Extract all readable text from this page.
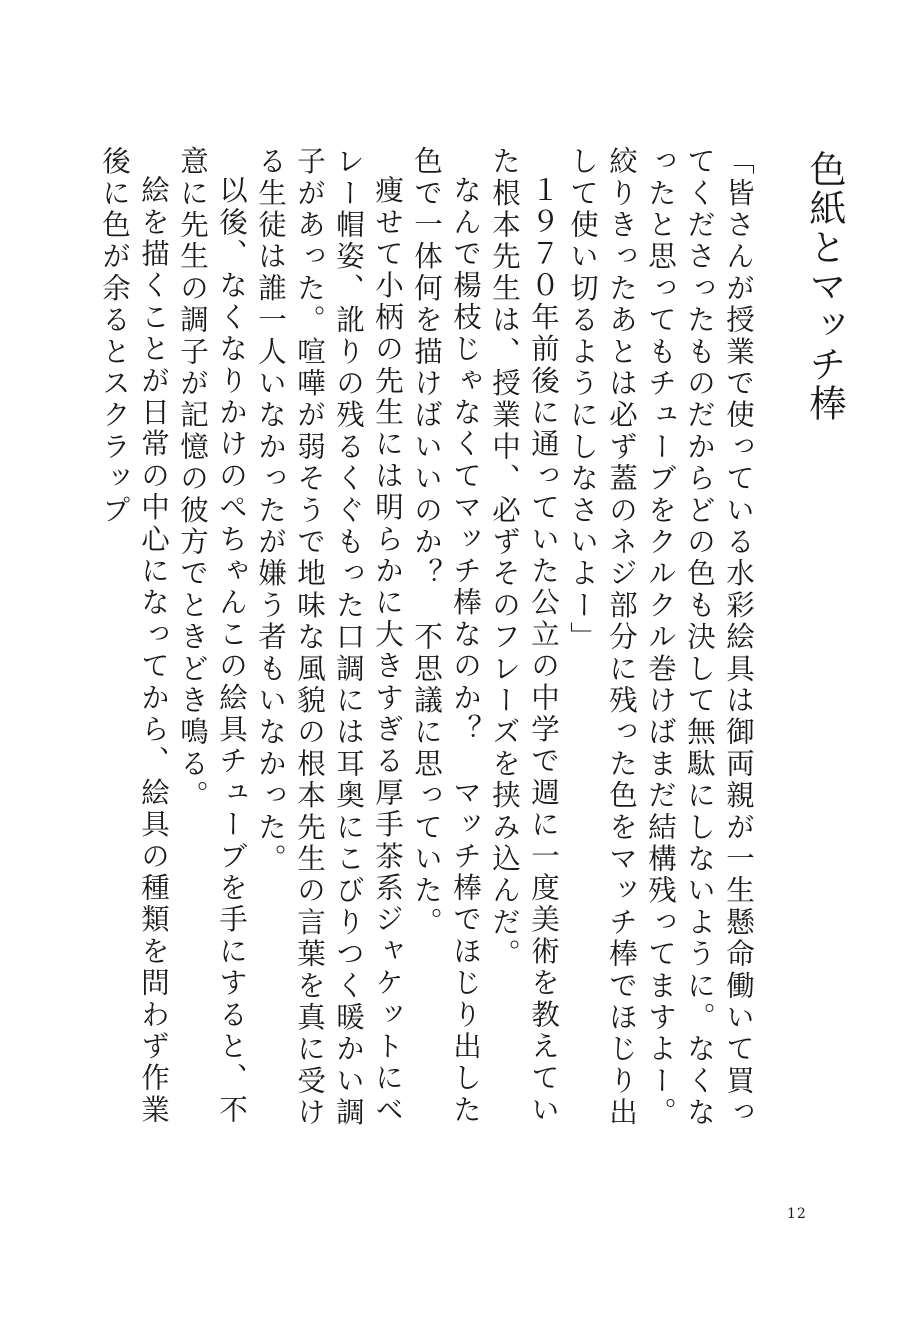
色紙とマッチ棒

「皆さんが授業で使っている水彩絵具は御両親が一生懸命働いて買ってくださったものだからどの色も決して無駄にしないように。なくなったと思ってもチューブをクルクル巻けばまだ結構残ってますよー。絞りきったあとは必ず蓋のネジ部分に残った色をマッチ棒でほじり出して使い切るようにしなさいよー」

１９７０年前後に通っていた公立の中学で週に一度美術を教えていた根本先生は、授業中、必ずそのフレーズを挟み込んだ。

なんで楊枝じゃなくてマッチ棒なのか？　マッチ棒でほじり出した色で一体何を描けばいいのか？　不思議に思っていた。

痩せて小柄の先生には明らかに大きすぎる厚手茶系ジャケットにベレー帽姿、訛りの残るくぐもった口調には耳奥にこびりつく暖かい調子があった。喧嘩が弱そうで地味な風貌の根本先生の言葉を真に受ける生徒は誰一人いなかったが嫌う者もいなかった。

以後、なくなりかけのぺちゃんこの絵具チューブを手にすると、不意に先生の調子が記憶の彼方でときどき鳴る。

絵を描くことが日常の中心になってから、絵具の種類を問わず作業後に色が余るとスクラップ

12
